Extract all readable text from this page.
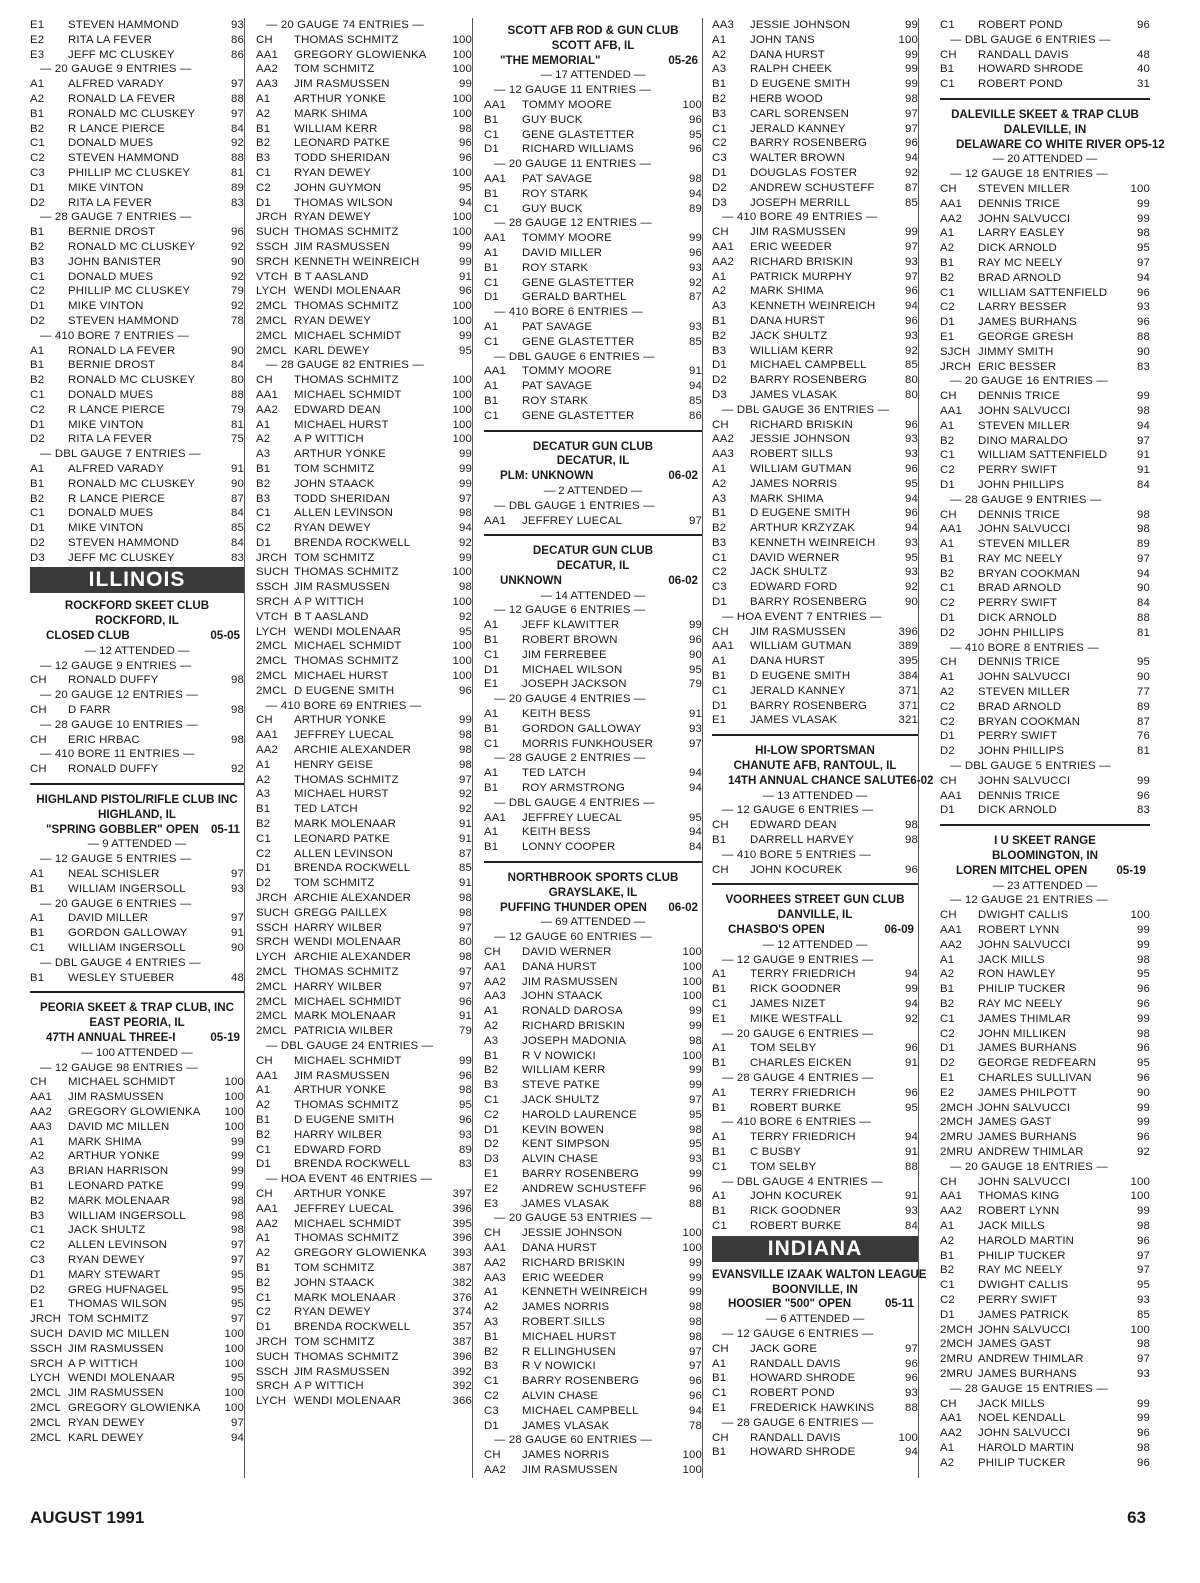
E1	STEVEN HAMMOND	93
E2	RITA LA FEVER	86
E3	JEFF MC CLUSKEY	86
— 20 GAUGE 9 ENTRIES —
A1	ALFRED VARADY	97
A2	RONALD LA FEVER	88
B1	RONALD MC CLUSKEY	97
B2	R LANCE PIERCE	84
C1	DONALD MUES	92
C2	STEVEN HAMMOND	88
C3	PHILLIP MC CLUSKEY	81
D1	MIKE VINTON	89
D2	RITA LA FEVER	83
— 28 GAUGE 7 ENTRIES —
B1	BERNIE DROST	96
B2	RONALD MC CLUSKEY	92
B3	JOHN BANISTER	90
C1	DONALD MUES	92
C2	PHILLIP MC CLUSKEY	79
D1	MIKE VINTON	92
D2	STEVEN HAMMOND	78
— 410 BORE 7 ENTRIES —
A1	RONALD LA FEVER	90
B1	BERNIE DROST	84
B2	RONALD MC CLUSKEY	80
C1	DONALD MUES	88
C2	R LANCE PIERCE	79
D1	MIKE VINTON	81
D2	RITA LA FEVER	75
— DBL GAUGE 7 ENTRIES —
A1	ALFRED VARADY	91
B1	RONALD MC CLUSKEY	90
B2	R LANCE PIERCE	87
C1	DONALD MUES	84
D1	MIKE VINTON	85
D2	STEVEN HAMMOND	84
D3	JEFF MC CLUSKEY	83
ILLINOIS
ROCKFORD SKEET CLUB
ROCKFORD, IL
CLOSED CLUB	05-05
— 12 ATTENDED —
— 12 GAUGE 9 ENTRIES —
CH	RONALD DUFFY	98
— 20 GAUGE 12 ENTRIES —
CH	D FARR	98
— 28 GAUGE 10 ENTRIES —
CH	ERIC HRBAC	98
— 410 BORE 11 ENTRIES —
CH	RONALD DUFFY	92
HIGHLAND PISTOL/RIFLE CLUB INC
HIGHLAND, IL
"SPRING GOBBLER" OPEN	05-11
— 9 ATTENDED —
— 12 GAUGE 5 ENTRIES —
A1	NEAL SCHISLER	97
B1	WILLIAM INGERSOLL	93
— 20 GAUGE 6 ENTRIES —
A1	DAVID MILLER	97
B1	GORDON GALLOWAY	91
C1	WILLIAM INGERSOLL	90
— DBL GAUGE 4 ENTRIES —
B1	WESLEY STUEBER	48
PEORIA SKEET & TRAP CLUB, INC
EAST PEORIA, IL
47TH ANNUAL THREE-I	05-19
— 100 ATTENDED —
— 12 GAUGE 98 ENTRIES —
CH	MICHAEL SCHMIDT	100
AA1	JIM RASMUSSEN	100
AA2	GREGORY GLOWIENKA	100
AA3	DAVID MC MILLEN	100
A1	MARK SHIMA	99
A2	ARTHUR YONKE	99
A3	BRIAN HARRISON	99
B1	LEONARD PATKE	99
B2	MARK MOLENAAR	98
B3	WILLIAM INGERSOLL	98
C1	JACK SHULTZ	98
C2	ALLEN LEVINSON	97
C3	RYAN DEWEY	97
D1	MARY STEWART	95
D2	GREG HUFNAGEL	95
E1	THOMAS WILSON	95
JRCH TOM SCHMITZ	97
SUCH DAVID MC MILLEN	100
SSCH JIM RASMUSSEN	100
SRCH A P WITTICH	100
LYCH WENDI MOLENAAR	95
2MCL JIM RASMUSSEN	100
2MCL GREGORY GLOWIENKA	100
2MCL RYAN DEWEY	97
2MCL KARL DEWEY	94
— 20 GAUGE 74 ENTRIES —
CH	THOMAS SCHMITZ	100
AA1	GREGORY GLOWIENKA	100
AA2	TOM SCHMITZ	100
AA3	JIM RASMUSSEN	99
A1	ARTHUR YONKE	100
A2	MARK SHIMA	100
B1	WILLIAM KERR	98
B2	LEONARD PATKE	96
B3	TODD SHERIDAN	96
C1	RYAN DEWEY	100
C2	JOHN GUYMON	95
D1	THOMAS WILSON	94
JRCH RYAN DEWEY	100
SUCH THOMAS SCHMITZ	100
SSCH JIM RASMUSSEN	99
SRCH KENNETH WEINREICH	99
VTCH B T AASLAND	91
LYCH WENDI MOLENAAR	96
2MCL THOMAS SCHMITZ	100
2MCL RYAN DEWEY	100
2MCL MICHAEL SCHMIDT	99
2MCL KARL DEWEY	95
— 28 GAUGE 82 ENTRIES —
CH	THOMAS SCHMITZ	100
AA1	MICHAEL SCHMIDT	100
AA2	EDWARD DEAN	100
A1	MICHAEL HURST	100
A2	A P WITTICH	100
A3	ARTHUR YONKE	99
B1	TOM SCHMITZ	99
B2	JOHN STAACK	99
B3	TODD SHERIDAN	97
C1	ALLEN LEVINSON	98
C2	RYAN DEWEY	94
D1	BRENDA ROCKWELL	92
JRCH TOM SCHMITZ	99
SUCH THOMAS SCHMITZ	100
SSCH JIM RASMUSSEN	98
SRCH A P WITTICH	100
VTCH B T AASLAND	92
LYCH WENDI MOLENAAR	95
2MCL MICHAEL SCHMIDT	100
2MCL THOMAS SCHMITZ	100
2MCL MICHAEL HURST	100
2MCL D EUGENE SMITH	96
— 410 BORE 69 ENTRIES —
CH	ARTHUR YONKE	99
AA1	JEFFREY LUECAL	98
AA2	ARCHIE ALEXANDER	98
A1	HENRY GEISE	98
A2	THOMAS SCHMITZ	97
A3	MICHAEL HURST	92
B1	TED LATCH	92
B2	MARK MOLENAAR	91
C1	LEONARD PATKE	91
C2	ALLEN LEVINSON	87
D1	BRENDA ROCKWELL	85
D2	TOM SCHMITZ	91
JRCH ARCHIE ALEXANDER	98
SUCH GREGG PAILLEX	98
SSCH HARRY WILBER	97
SRCH WENDI MOLENAAR	80
LYCH ARCHIE ALEXANDER	98
2MCL THOMAS SCHMITZ	97
2MCL HARRY WILBER	97
2MCL MICHAEL SCHMIDT	96
2MCL MARK MOLENAAR	91
2MCL PATRICIA WILBER	79
— DBL GAUGE 24 ENTRIES —
CH	MICHAEL SCHMIDT	99
AA1	JIM RASMUSSEN	96
A1	ARTHUR YONKE	98
A2	THOMAS SCHMITZ	95
B1	D EUGENE SMITH	96
B2	HARRY WILBER	93
C1	EDWARD FORD	89
D1	BRENDA ROCKWELL	83
— HOA EVENT 46 ENTRIES —
CH	ARTHUR YONKE	397
AA1	JEFFREY LUECAL	396
AA2	MICHAEL SCHMIDT	395
A1	THOMAS SCHMITZ	396
A2	GREGORY GLOWIENKA	393
B1	TOM SCHMITZ	387
B2	JOHN STAACK	382
C1	MARK MOLENAAR	376
C2	RYAN DEWEY	374
D1	BRENDA ROCKWELL	357
JRCH TOM SCHMITZ	387
SUCH THOMAS SCHMITZ	396
SSCH JIM RASMUSSEN	392
SRCH A P WITTICH	392
LYCH WENDI MOLENAAR	366
SCOTT AFB ROD & GUN CLUB
SCOTT AFB, IL
"THE MEMORIAL"	05-26
— 17 ATTENDED —
— 12 GAUGE 11 ENTRIES —
AA1	TOMMY MOORE	100
B1	GUY BUCK	96
C1	GENE GLASTETTER	95
D1	RICHARD WILLIAMS	96
— 20 GAUGE 11 ENTRIES —
AA1	PAT SAVAGE	98
B1	ROY STARK	94
C1	GUY BUCK	89
— 28 GAUGE 12 ENTRIES —
AA1	TOMMY MOORE	99
A1	DAVID MILLER	96
B1	ROY STARK	93
C1	GENE GLASTETTER	92
D1	GERALD BARTHEL	87
— 410 BORE 6 ENTRIES —
A1	PAT SAVAGE	93
C1	GENE GLASTETTER	85
— DBL GAUGE 6 ENTRIES —
AA1	TOMMY MOORE	91
A1	PAT SAVAGE	94
B1	ROY STARK	85
C1	GENE GLASTETTER	86
DECATUR GUN CLUB
DECATUR, IL
PLM: UNKNOWN	06-02
— 2 ATTENDED —
— DBL GAUGE 1 ENTRIES —
AA1	JEFFREY LUECAL	97
DECATUR GUN CLUB
DECATUR, IL
UNKNOWN	06-02
— 14 ATTENDED —
— 12 GAUGE 6 ENTRIES —
A1	JEFF KLAWITTER	99
B1	ROBERT BROWN	96
C1	JIM FERREBEE	90
D1	MICHAEL WILSON	95
E1	JOSEPH JACKSON	79
— 20 GAUGE 4 ENTRIES —
A1	KEITH BESS	91
B1	GORDON GALLOWAY	93
C1	MORRIS FUNKHOUSER	97
— 28 GAUGE 2 ENTRIES —
A1	TED LATCH	94
B1	ROY ARMSTRONG	94
— DBL GAUGE 4 ENTRIES —
AA1	JEFFREY LUECAL	95
A1	KEITH BESS	94
B1	LONNY COOPER	84
NORTHBROOK SPORTS CLUB
GRAYSLAKE, IL
PUFFING THUNDER OPEN	06-02
— 69 ATTENDED —
— 12 GAUGE 60 ENTRIES —
CH	DAVID WERNER	100
AA1	DANA HURST	100
AA2	JIM RASMUSSEN	100
AA3	JOHN STAACK	100
A1	RONALD DAROSA	99
A2	RICHARD BRISKIN	99
A3	JOSEPH MADONIA	98
B1	R V NOWICKI	100
B2	WILLIAM KERR	99
B3	STEVE PATKE	99
C1	JACK SHULTZ	97
C2	HAROLD LAURENCE	95
D1	KEVIN BOWEN	98
D2	KENT SIMPSON	95
D3	ALVIN CHASE	93
E1	BARRY ROSENBERG	99
E2	ANDREW SCHUSTEFF	96
E3	JAMES VLASAK	88
— 20 GAUGE 53 ENTRIES —
CH	JESSIE JOHNSON	100
AA1	DANA HURST	100
AA2	RICHARD BRISKIN	99
AA3	ERIC WEEDER	99
A1	KENNETH WEINREICH	99
A2	JAMES NORRIS	98
A3	ROBERT SILLS	98
B1	MICHAEL HURST	98
B2	R ELLINGHUSEN	97
B3	R V NOWICKI	97
C1	BARRY ROSENBERG	96
C2	ALVIN CHASE	96
C3	MICHAEL CAMPBELL	94
D1	JAMES VLASAK	78
— 28 GAUGE 60 ENTRIES —
CH	JAMES NORRIS	100
AA2	JIM RASMUSSEN	100
AA3	JESSIE JOHNSON	99
A1	JOHN TANS	100
A2	DANA HURST	99
A3	RALPH CHEEK	99
B1	D EUGENE SMITH	99
B2	HERB WOOD	98
B3	CARL SORENSEN	97
C1	JERALD KANNEY	97
C2	BARRY ROSENBERG	96
C3	WALTER BROWN	94
D1	DOUGLAS FOSTER	92
D2	ANDREW SCHUSTEFF	87
D3	JOSEPH MERRILL	85
— 410 BORE 49 ENTRIES —
CH	JIM RASMUSSEN	99
AA1	ERIC WEEDER	97
AA2	RICHARD BRISKIN	93
A1	PATRICK MURPHY	97
A2	MARK SHIMA	96
A3	KENNETH WEINREICH	94
B1	DANA HURST	96
B2	JACK SHULTZ	93
B3	WILLIAM KERR	92
D1	MICHAEL CAMPBELL	85
D2	BARRY ROSENBERG	80
D3	JAMES VLASAK	80
— DBL GAUGE 36 ENTRIES —
CH	RICHARD BRISKIN	96
AA2	JESSIE JOHNSON	93
AA3	ROBERT SILLS	93
A1	WILLIAM GUTMAN	96
A2	JAMES NORRIS	95
A3	MARK SHIMA	94
B1	D EUGENE SMITH	96
B2	ARTHUR KRZYZAK	94
B3	KENNETH WEINREICH	93
C1	DAVID WERNER	95
C2	JACK SHULTZ	93
C3	EDWARD FORD	92
D1	BARRY ROSENBERG	90
— HOA EVENT 7 ENTRIES —
CH	JIM RASMUSSEN	396
AA1	WILLIAM GUTMAN	389
A1	DANA HURST	395
B1	D EUGENE SMITH	384
C1	JERALD KANNEY	371
D1	BARRY ROSENBERG	371
E1	JAMES VLASAK	321
HI-LOW SPORTSMAN
CHANUTE AFB, RANTOUL, IL
14TH ANNUAL CHANCE SALUTE 6-02
— 13 ATTENDED —
— 12 GAUGE 6 ENTRIES —
CH	EDWARD DEAN	98
B1	DARRELL HARVEY	98
— 410 BORE 5 ENTRIES —
CH	JOHN KOCUREK	96
VOORHEES STREET GUN CLUB
DANVILLE, IL
CHASBO'S OPEN	06-09
— 12 ATTENDED —
— 12 GAUGE 9 ENTRIES —
A1	TERRY FRIEDRICH	94
B1	RICK GOODNER	99
C1	JAMES NIZET	94
E1	MIKE WESTFALL	92
— 20 GAUGE 6 ENTRIES —
A1	TOM SELBY	96
B1	CHARLES EICKEN	91
— 28 GAUGE 4 ENTRIES —
A1	TERRY FRIEDRICH	96
B1	ROBERT BURKE	95
— 410 BORE 6 ENTRIES —
A1	TERRY FRIEDRICH	94
B1	C BUSBY	91
C1	TOM SELBY	88
— DBL GAUGE 4 ENTRIES —
A1	JOHN KOCUREK	91
B1	RICK GOODNER	93
C1	ROBERT BURKE	84
INDIANA
EVANSVILLE IZAAK WALTON LEAGUE
BOONVILLE, IN
HOOSIER "500" OPEN	05-11
— 6 ATTENDED —
— 12 GAUGE 6 ENTRIES —
CH	JACK GORE	97
A1	RANDALL DAVIS	96
B1	HOWARD SHRODE	96
C1	ROBERT POND	93
E1	FREDERICK HAWKINS	88
— 28 GAUGE 6 ENTRIES —
CH	RANDALL DAVIS	100
B1	HOWARD SHRODE	94
C1	ROBERT POND	96
— DBL GAUGE 6 ENTRIES —
CH	RANDALL DAVIS	48
B1	HOWARD SHRODE	40
C1	ROBERT POND	31
DALEVILLE SKEET & TRAP CLUB
DALEVILLE, IN
DELAWARE CO WHITE RIVER OP 5-12
— 20 ATTENDED —
— 12 GAUGE 18 ENTRIES —
CH	STEVEN MILLER	100
AA1	DENNIS TRICE	99
AA2	JOHN SALVUCCI	99
A1	LARRY EASLEY	98
A2	DICK ARNOLD	95
B1	RAY MC NEELY	97
B2	BRAD ARNOLD	94
C1	WILLIAM SATTENFIELD	96
C2	LARRY BESSER	93
D1	JAMES BURHANS	96
E1	GEORGE GRESH	88
SJCH JIMMY SMITH	90
JRCH ERIC BESSER	83
— 20 GAUGE 16 ENTRIES —
CH	DENNIS TRICE	99
AA1	JOHN SALVUCCI	98
A1	STEVEN MILLER	94
B2	DINO MARALDO	97
C1	WILLIAM SATTENFIELD	91
C2	PERRY SWIFT	91
D1	JOHN PHILLIPS	84
— 28 GAUGE 9 ENTRIES —
CH	DENNIS TRICE	98
AA1	JOHN SALVUCCI	98
A1	STEVEN MILLER	89
B1	RAY MC NEELY	97
B2	BRYAN COOKMAN	94
C1	BRAD ARNOLD	90
C2	PERRY SWIFT	84
D1	DICK ARNOLD	88
D2	JOHN PHILLIPS	81
— 410 BORE 8 ENTRIES —
CH	DENNIS TRICE	95
A1	JOHN SALVUCCI	90
A2	STEVEN MILLER	77
C2	BRAD ARNOLD	89
C2	BRYAN COOKMAN	87
D1	PERRY SWIFT	76
D2	JOHN PHILLIPS	81
— DBL GAUGE 5 ENTRIES —
CH	JOHN SALVUCCI	99
AA1	DENNIS TRICE	96
D1	DICK ARNOLD	83
I U SKEET RANGE
BLOOMINGTON, IN
LOREN MITCHEL OPEN	05-19
— 23 ATTENDED —
— 12 GAUGE 21 ENTRIES —
CH	DWIGHT CALLIS	100
AA1	ROBERT LYNN	99
AA2	JOHN SALVUCCI	99
A1	JACK MILLS	98
A2	RON HAWLEY	95
B1	PHILIP TUCKER	96
B2	RAY MC NEELY	96
C1	JAMES THIMLAR	99
C2	JOHN MILLIKEN	98
D1	JAMES BURHANS	96
D2	GEORGE REDFEARN	95
E1	CHARLES SULLIVAN	96
E2	JAMES PHILPOTT	90
2MCH JOHN SALVUCCI	99
2MCH JAMES GAST	99
2MRU JAMES BURHANS	96
2MRU ANDREW THIMLAR	92
— 20 GAUGE 18 ENTRIES —
CH	JOHN SALVUCCI	100
AA1	THOMAS KING	100
AA2	ROBERT LYNN	99
A1	JACK MILLS	98
A2	HAROLD MARTIN	96
B1	PHILIP TUCKER	97
B2	RAY MC NEELY	97
C1	DWIGHT CALLIS	95
C2	PERRY SWIFT	93
D1	JAMES PATRICK	85
2MCH JOHN SALVUCCI	100
2MCH JAMES GAST	98
2MRU ANDREW THIMLAR	97
2MRU JAMES BURHANS	93
— 28 GAUGE 15 ENTRIES —
CH	JACK MILLS	99
AA1	NOEL KENDALL	99
AA2	JOHN SALVUCCI	96
A1	HAROLD MARTIN	98
A2	PHILIP TUCKER	96
AUGUST 1991	63
